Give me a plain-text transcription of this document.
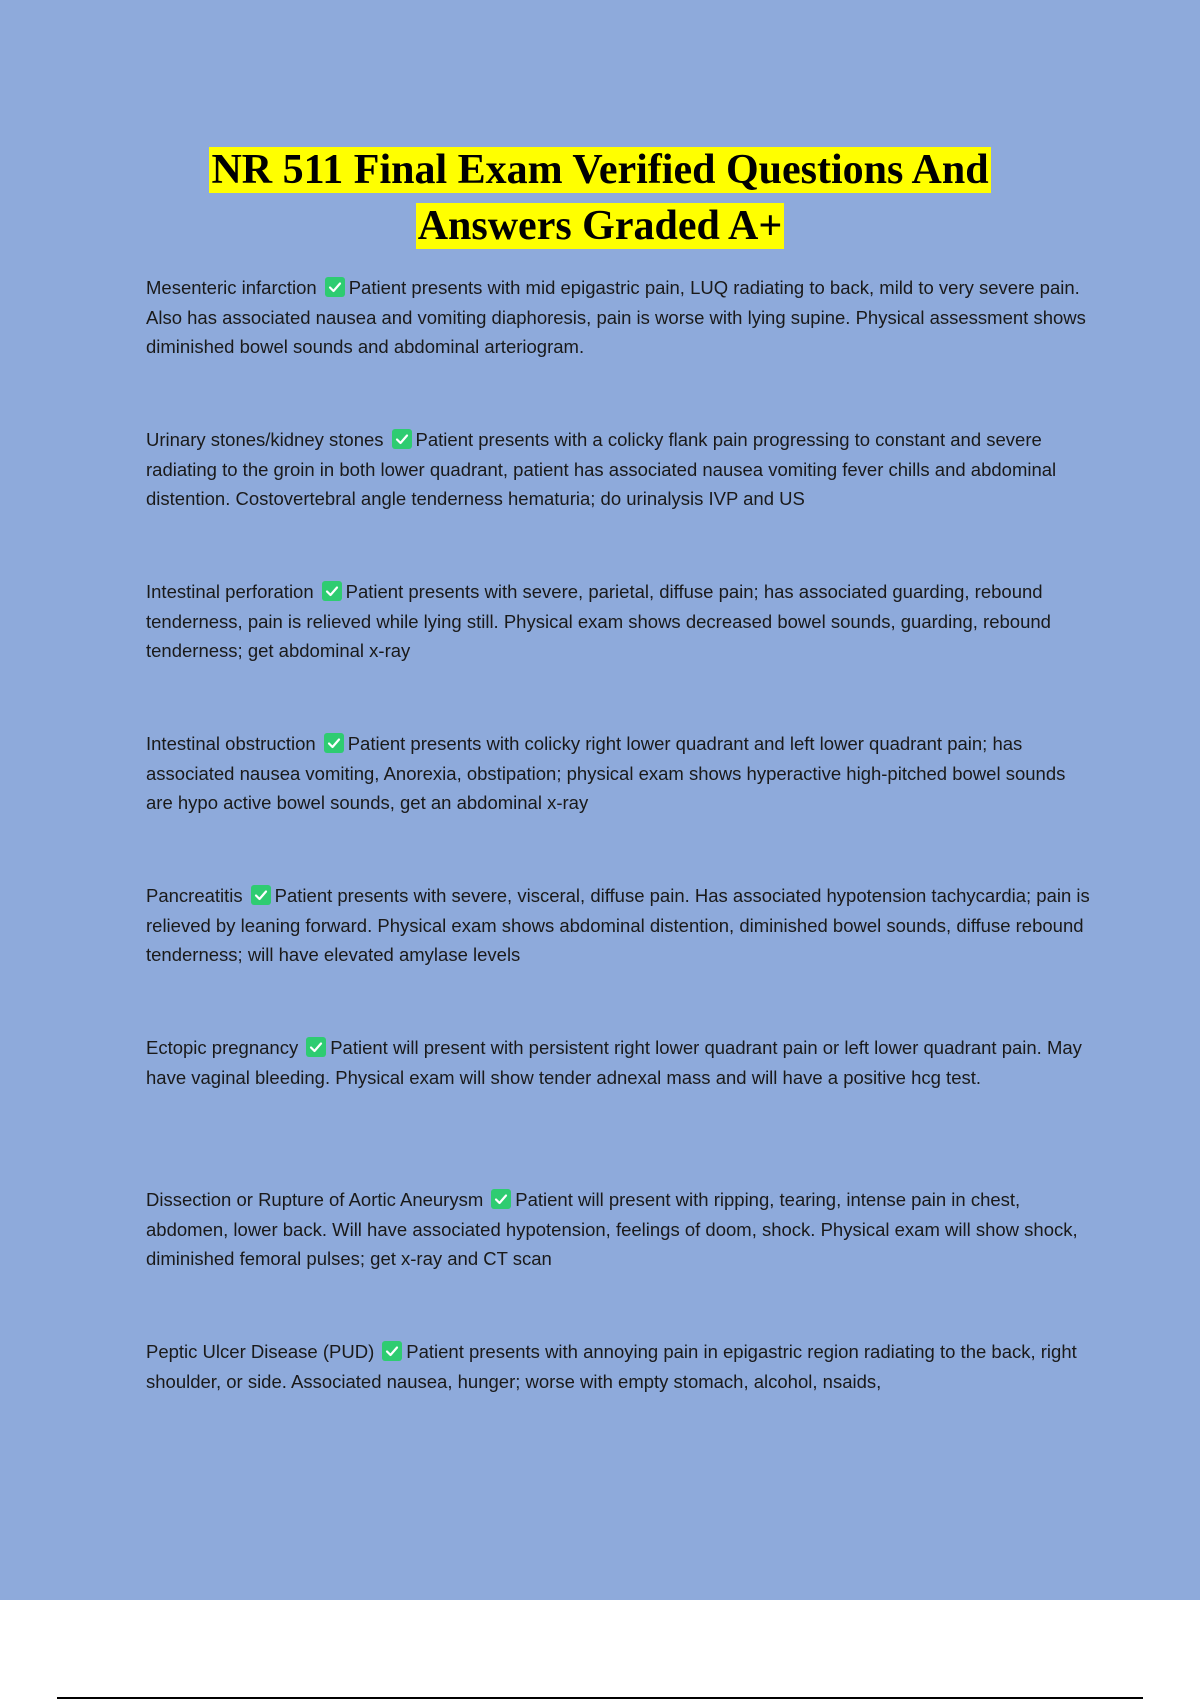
NR 511 Final Exam Verified Questions And
Answers Graded A+
Mesenteric infarction Patient presents with mid epigastric pain, LUQ radiating to back, mild to very severe pain. Also has associated nausea and vomiting diaphoresis, pain is worse with lying supine. Physical assessment shows diminished bowel sounds and abdominal arteriogram.
Urinary stones/kidney stones Patient presents with a colicky flank pain progressing to constant and severe radiating to the groin in both lower quadrant, patient has associated nausea vomiting fever chills and abdominal distention. Costovertebral angle tenderness hematuria; do urinalysis IVP and US
Intestinal perforation Patient presents with severe, parietal, diffuse pain; has associated guarding, rebound tenderness, pain is relieved while lying still. Physical exam shows decreased bowel sounds, guarding, rebound tenderness; get abdominal x-ray
Intestinal obstruction Patient presents with colicky right lower quadrant and left lower quadrant pain; has associated nausea vomiting, Anorexia, obstipation; physical exam shows hyperactive high-pitched bowel sounds are hypo active bowel sounds, get an abdominal x-ray
Pancreatitis Patient presents with severe, visceral, diffuse pain. Has associated hypotension tachycardia; pain is relieved by leaning forward. Physical exam shows abdominal distention, diminished bowel sounds, diffuse rebound tenderness; will have elevated amylase levels
Ectopic pregnancy Patient will present with persistent right lower quadrant pain or left lower quadrant pain. May have vaginal bleeding. Physical exam will show tender adnexal mass and will have a positive hcg test.
Dissection or Rupture of Aortic Aneurysm Patient will present with ripping, tearing, intense pain in chest, abdomen, lower back. Will have associated hypotension, feelings of doom, shock. Physical exam will show shock, diminished femoral pulses; get x-ray and CT scan
Peptic Ulcer Disease (PUD) Patient presents with annoying pain in epigastric region radiating to the back, right shoulder, or side. Associated nausea, hunger; worse with empty stomach, alcohol, nsaids,
